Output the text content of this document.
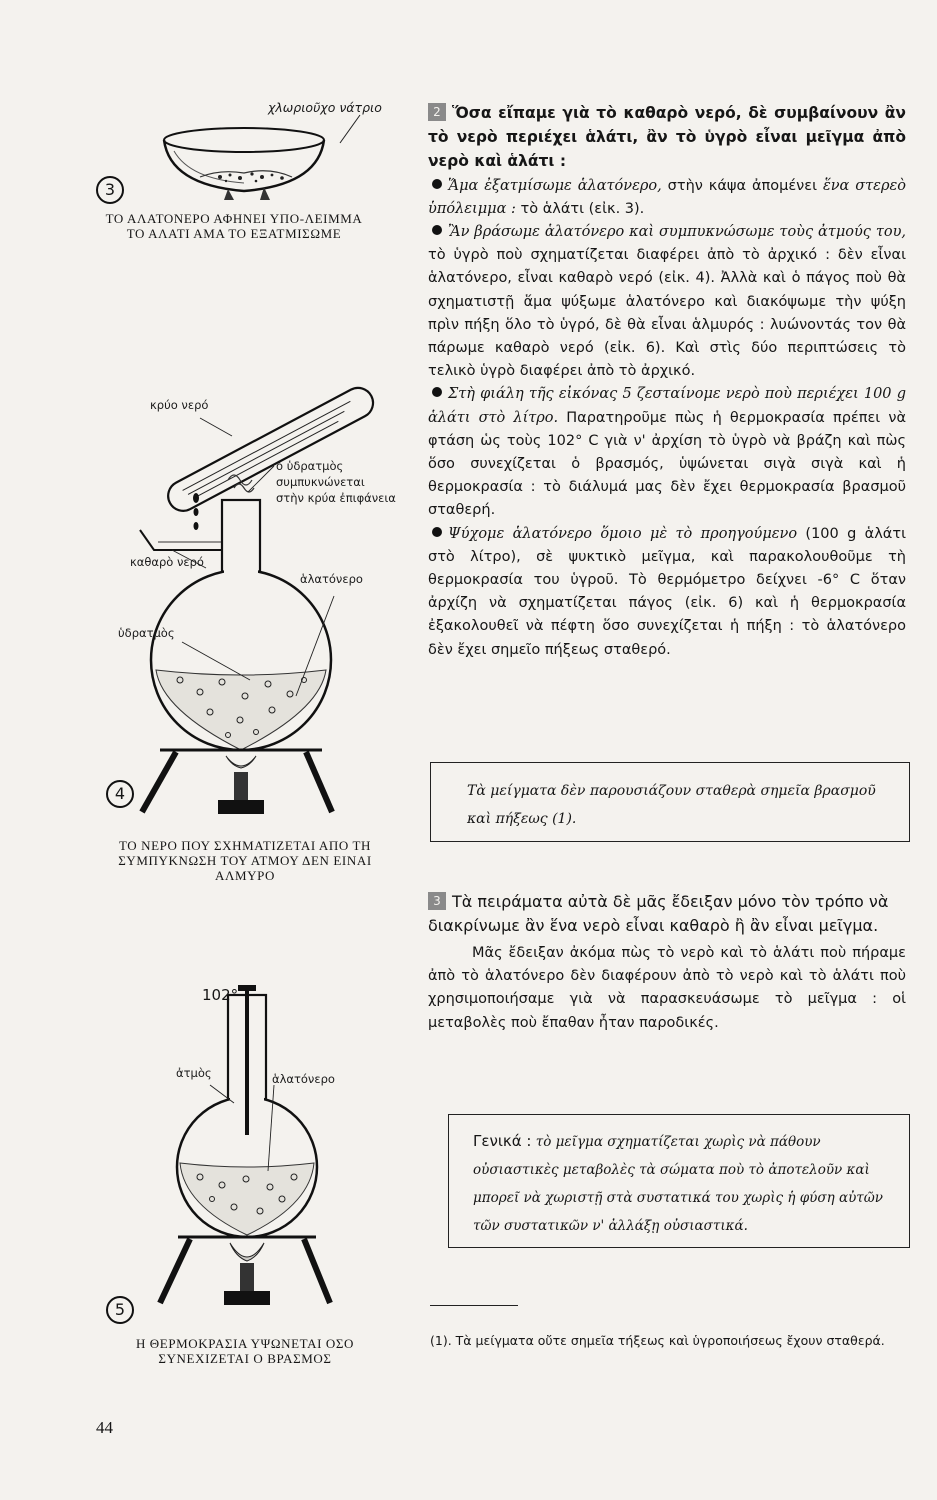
χλωριοῦχο νάτριο
3
ΤΟ ΑΛΑΤΟΝΕΡΟ ΑΦΗΝΕΙ ΥΠΟ-ΛΕΙΜΜΑ ΤΟ ΑΛΑΤΙ ΑΜΑ ΤΟ ΕΞΑΤΜΙΣΩΜΕ
κρύο νερό
ὁ ὑδρατμὸς συμπυκνώνεται στὴν κρύα ἐπιφάνεια
καθαρὸ νερό
ἁλατόνερο
ὑδρατμὸς
4
ΤΟ ΝΕΡΟ ΠΟΥ ΣΧΗΜΑΤΙΖΕΤΑΙ ΑΠΟ ΤΗ ΣΥΜΠΥΚΝΩΣΗ ΤΟΥ ΑΤΜΟΥ ΔΕΝ ΕΙΝΑΙ ΑΛΜΥΡΟ
102°
ἀτμὸς	ἁλατόνερο
5
Η ΘΕΡΜΟΚΡΑΣΙΑ ΥΨΩΝΕΤΑΙ ΟΣΟ ΣΥΝΕΧΙΖΕΤΑΙ Ο ΒΡΑΣΜΟΣ

2 Ὅσα εἴπαμε γιὰ τὸ καθαρὸ νερό, δὲ συμβαίνουν ἂν τὸ νερὸ περιέχει ἁλάτι, ἂν τὸ ὑγρὸ εἶναι μεῖγμα ἀπὸ νερὸ καὶ ἁλάτι :

Ἅμα ἐξατμίσωμε ἁλατόνερο, στὴν κάψα ἀπομένει ἕνα στερεὸ ὑπόλειμμα : τὸ ἁλάτι (εἰκ. 3).

Ἂν βράσωμε ἁλατόνερο καὶ συμπυκνώσωμε τοὺς ἀτμούς του, τὸ ὑγρὸ ποὺ σχηματίζεται διαφέρει ἀπὸ τὸ ἀρχικό : δὲν εἶναι ἁλατόνερο, εἶναι καθαρὸ νερό (εἰκ. 4). Ἀλλὰ καὶ ὁ πάγος ποὺ θὰ σχηματιστῇ ἅμα ψύξωμε ἁλατόνερο καὶ διακόψωμε τὴν ψύξη πρὶν πήξη ὅλο τὸ ὑγρό, δὲ θὰ εἶναι ἁλμυρός : λυώνοντάς τον θὰ πάρωμε καθαρὸ νερό (εἰκ. 6). Καὶ στὶς δύο περιπτώσεις τὸ τελικὸ ὑγρὸ διαφέρει ἀπὸ τὸ ἀρχικό.

Στὴ φιάλη τῆς εἰκόνας 5 ζεσταίνομε νερὸ ποὺ περιέχει 100 g ἁλάτι στὸ λίτρο. Παρατηροῦμε πὼς ἡ θερμοκρασία πρέπει νὰ φτάση ὡς τοὺς 102° C γιὰ ν' ἀρχίση τὸ ὑγρὸ νὰ βράζη καὶ πὼς ὅσο συνεχίζεται ὁ βρασμός, ὑψώνεται σιγὰ σιγὰ καὶ ἡ θερμοκρασία : τὸ διάλυμά μας δὲν ἔχει θερμοκρασία βρασμοῦ σταθερή.

Ψύχομε ἁλατόνερο ὅμοιο μὲ τὸ προηγούμενο (100 g ἁλάτι στὸ λίτρο), σὲ ψυκτικὸ μεῖγμα, καὶ παρακολουθοῦμε τὴ θερμοκρασία του ὑγροῦ. Τὸ θερμόμετρο δείχνει -6° C ὅταν ἀρχίζη νὰ σχηματίζεται πάγος (εἰκ. 6) καὶ ἡ θερμοκρασία ἐξακολουθεῖ νὰ πέφτη ὅσο συνεχίζεται ἡ πήξη : τὸ ἁλατόνερο δὲν ἔχει σημεῖο πήξεως σταθερό.

Τὰ μείγματα δὲν παρουσιάζουν σταθερὰ σημεῖα βρασμοῦ καὶ πήξεως (1).

3 Τὰ πειράματα αὐτὰ δὲ μᾶς ἔδειξαν μόνο τὸν τρόπο νὰ διακρίνωμε ἂν ἕνα νερὸ εἶναι καθαρὸ ἢ ἂν εἶναι μεῖγμα.

Μᾶς ἔδειξαν ἀκόμα πὼς τὸ νερὸ καὶ τὸ ἁλάτι ποὺ πήραμε ἀπὸ τὸ ἁλατόνερο δὲν διαφέρουν ἀπὸ τὸ νερὸ καὶ τὸ ἁλάτι ποὺ χρησιμοποιήσαμε γιὰ νὰ παρασκευάσωμε τὸ μεῖγμα : οἱ μεταβολὲς ποὺ ἔπαθαν ἦταν παροδικές.

Γενικά : τὸ μεῖγμα σχηματίζεται χωρὶς νὰ πάθουν οὐσιαστικὲς μεταβολὲς τὰ σώματα ποὺ τὸ ἀποτελοῦν καὶ μπορεῖ νὰ χωριστῇ στὰ συστατικά του χωρὶς ἡ φύση αὐτῶν τῶν συστατικῶν ν' ἀλλάξῃ οὐσιαστικά.
(1). Τὰ μείγματα οὔτε σημεῖα τήξεως καὶ ὑγροποιήσεως ἔχουν σταθερά.
44
